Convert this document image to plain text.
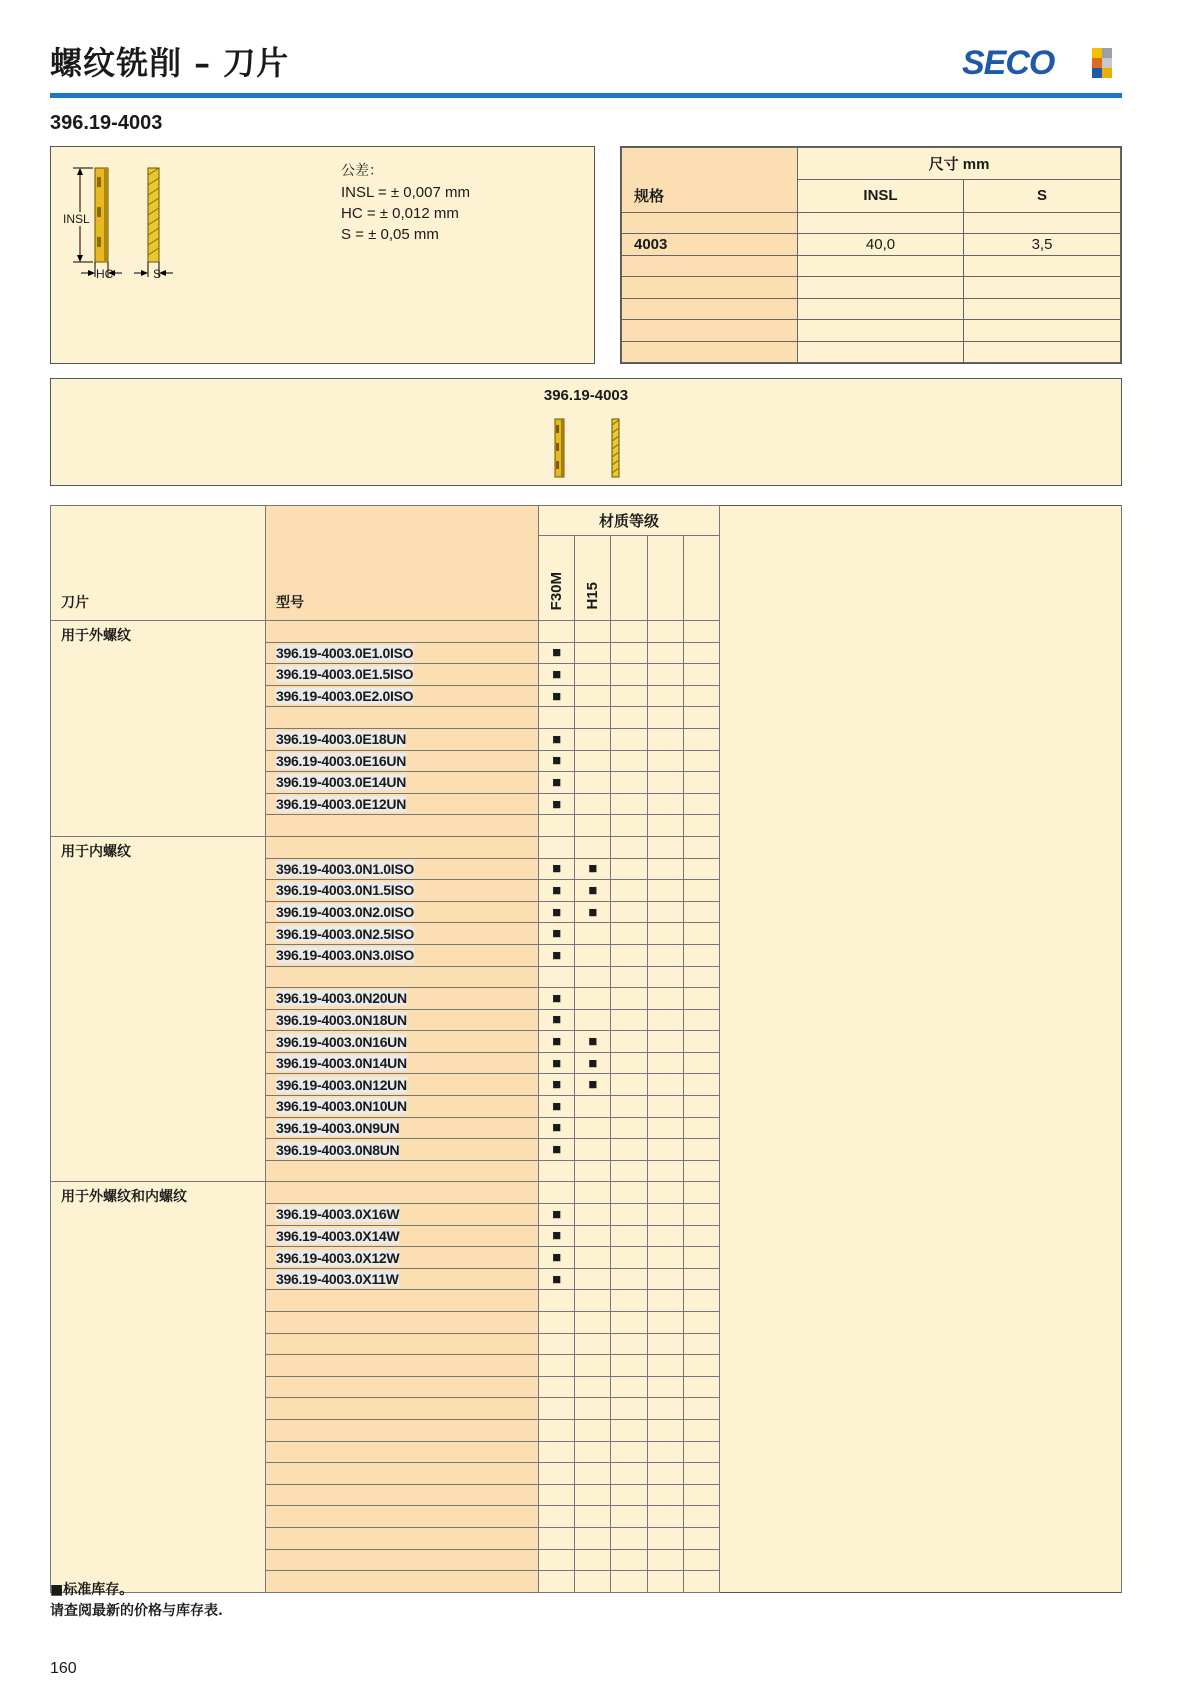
螺纹铣削 – 刀片	SECO
396.19-4003
INSL
HC	S
公差：
INSL = ± 0,007 mm
HC = ± 0,012 mm
S = ± 0,05 mm
规格	尺寸 mm	
	INSL	S

4003	40,0	3,5

396.19-4003
刀片	型号	材质等级					
		F30M	H15				
用于外螺纹							
	396.19-4003.0E1.0ISO	■					
	396.19-4003.0E1.5ISO	■					
	396.19-4003.0E2.0ISO	■					

	396.19-4003.0E18UN	■					
	396.19-4003.0E16UN	■					
	396.19-4003.0E14UN	■					
	396.19-4003.0E12UN	■					

用于内螺纹							
	396.19-4003.0N1.0ISO	■	■				
	396.19-4003.0N1.5ISO	■	■				
	396.19-4003.0N2.0ISO	■	■				
	396.19-4003.0N2.5ISO	■					
	396.19-4003.0N3.0ISO	■					

	396.19-4003.0N20UN	■					
	396.19-4003.0N18UN	■					
	396.19-4003.0N16UN	■	■				
	396.19-4003.0N14UN	■	■				
	396.19-4003.0N12UN	■	■				
	396.19-4003.0N10UN	■					
	396.19-4003.0N9UN	■					
	396.19-4003.0N8UN	■					

用于外螺纹和内螺纹							
	396.19-4003.0X16W	■					
	396.19-4003.0X14W	■					
	396.19-4003.0X12W	■					
	396.19-4003.0X11W	■					

■标准库存。
请查阅最新的价格与库存表.
160
